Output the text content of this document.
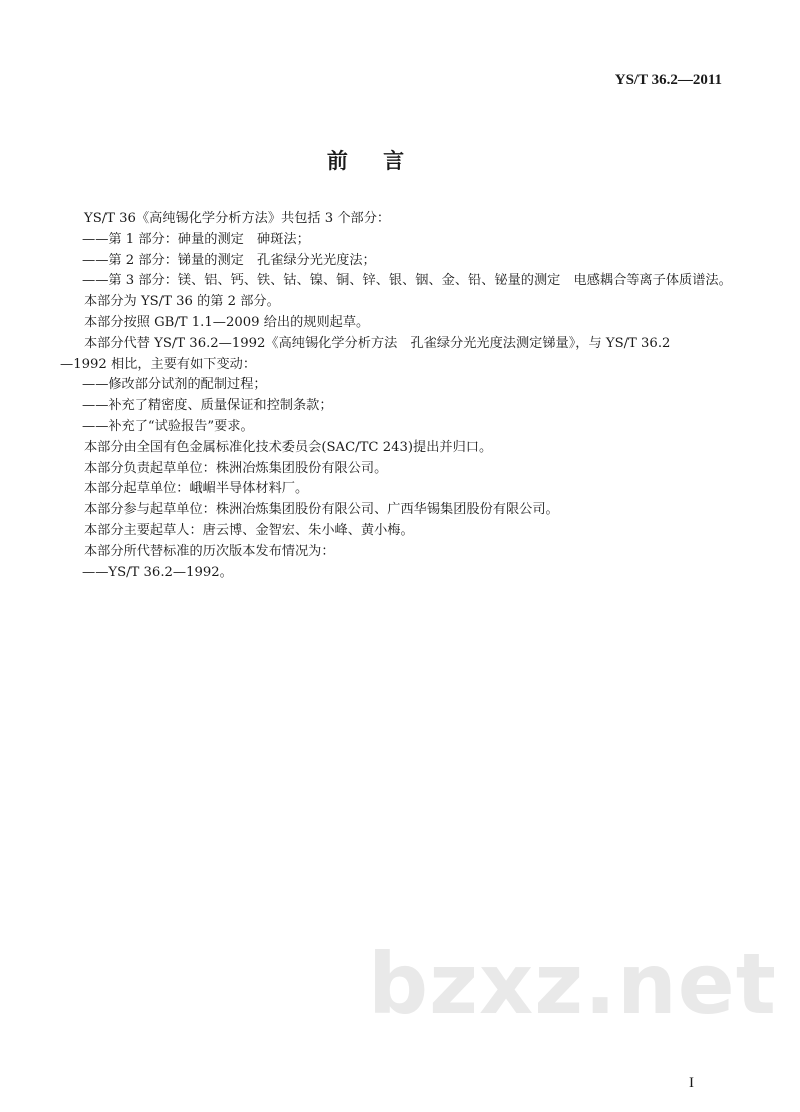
YS/T 36.2—2011
前 言
YS/T 36《高纯锡化学分析方法》共包括 3 个部分：
——第 1 部分：砷量的测定　砷斑法；
——第 2 部分：锑量的测定　孔雀绿分光光度法；
——第 3 部分：镁、铝、钙、铁、钴、镍、铜、锌、银、铟、金、铅、铋量的测定　电感耦合等离子体质谱法。
本部分为 YS/T 36 的第 2 部分。
本部分按照 GB/T 1.1—2009 给出的规则起草。
本部分代替 YS/T 36.2—1992《高纯锡化学分析方法　孔雀绿分光光度法测定锑量》，与 YS/T 36.2
—1992 相比，主要有如下变动：
——修改部分试剂的配制过程；
——补充了精密度、质量保证和控制条款；
——补充了“试验报告”要求。
本部分由全国有色金属标准化技术委员会(SAC/TC 243)提出并归口。
本部分负责起草单位：株洲冶炼集团股份有限公司。
本部分起草单位：峨嵋半导体材料厂。
本部分参与起草单位：株洲冶炼集团股份有限公司、广西华锡集团股份有限公司。
本部分主要起草人：唐云博、金智宏、朱小峰、黄小梅。
本部分所代替标准的历次版本发布情况为：
——YS/T 36.2—1992。
bzxz.net
I
